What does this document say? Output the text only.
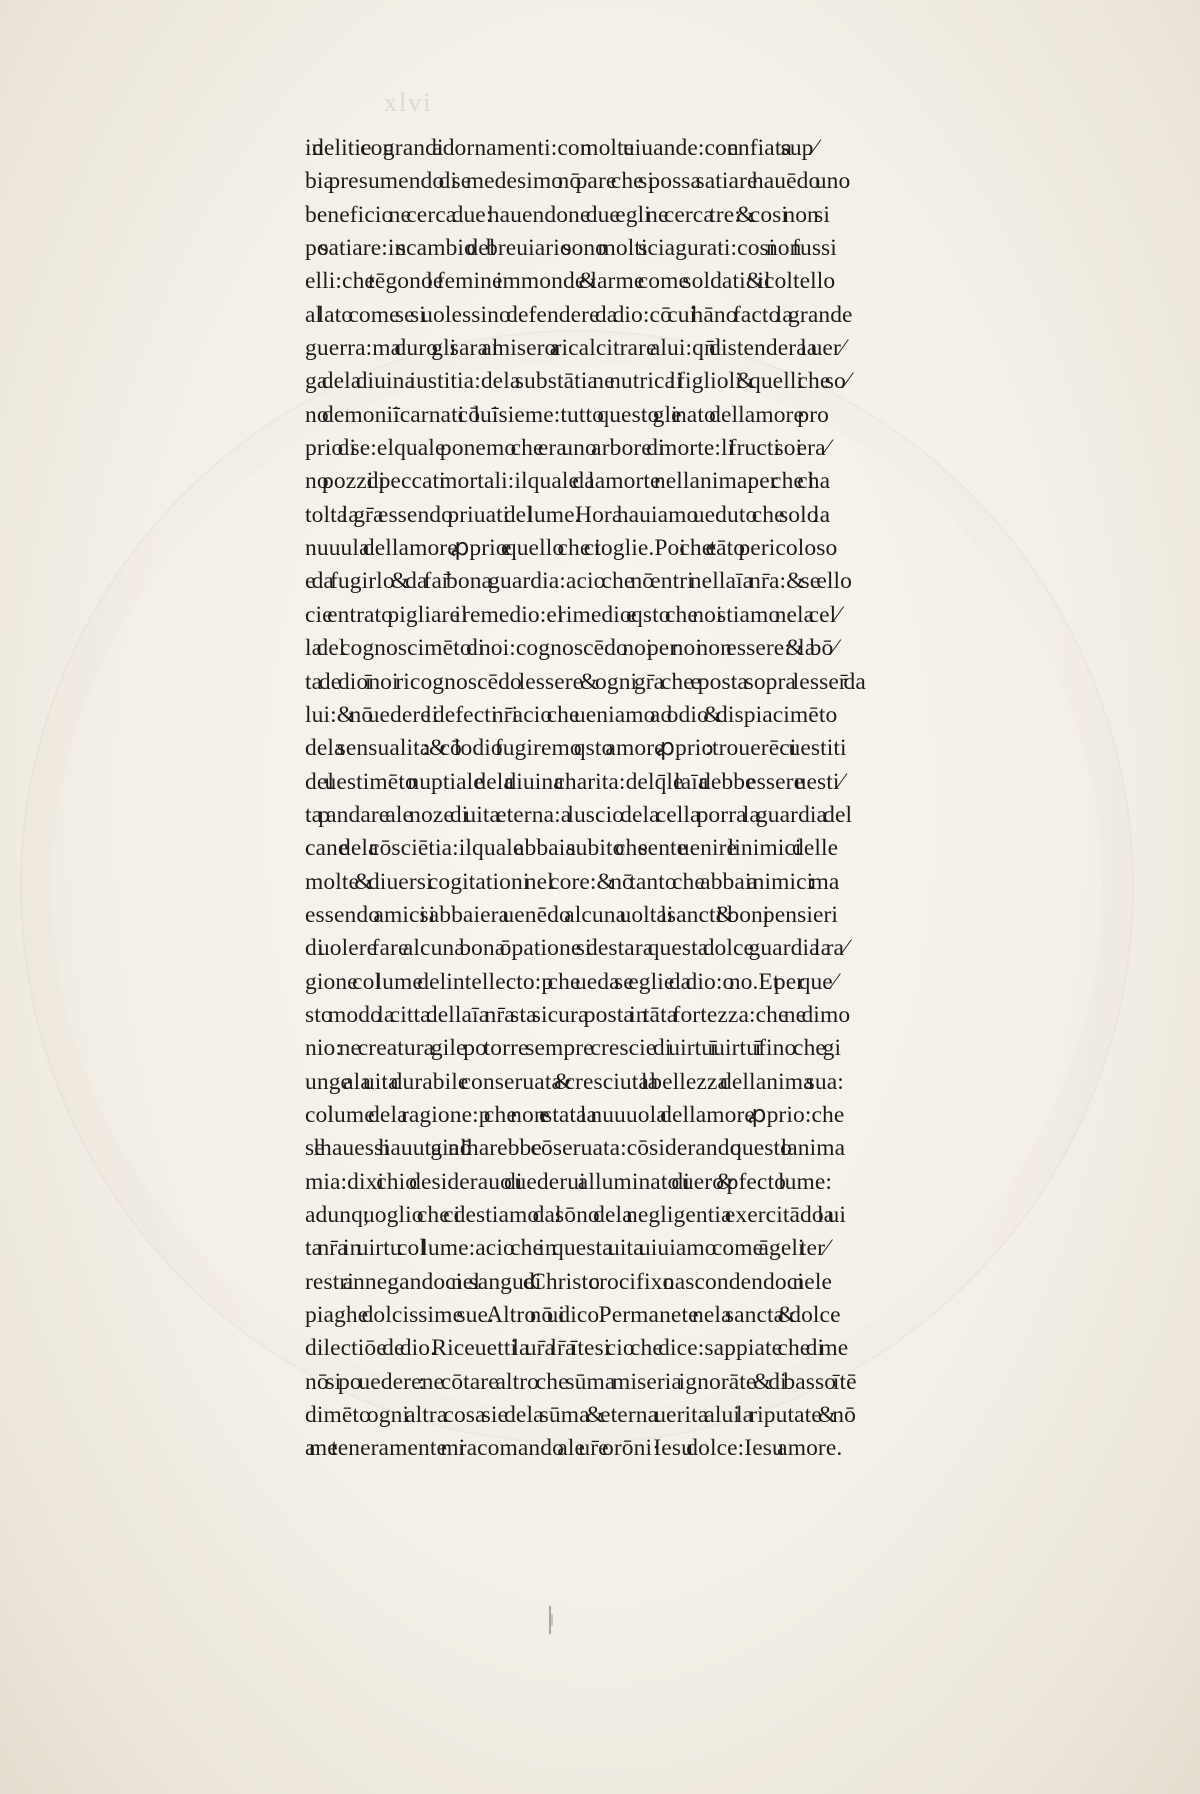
xlvi
in delitie con grandi adornamenti:con molte uiuande:con enfiata sup⁄
bia presumendo di se medesimo nō pare che si possa satiare hauēdo uno
beneficio ne cerca due: hauendone due egli ne cerca tre: & cosi non si
po satiare:in scambio del breuiario sono molti sciagurati:cosi non fussi
elli:che tēgono le femine immonde & larme come soldati: & il coltello
al lato come se si uolessino defendere da dio:cō cui hāno facto la grande
guerra:ma duro gli sara al misero a ricalcitrare alui:qn̄ distendera la uer⁄
ga dela diuina iustitia:dela substātia ne nutrica li figlioli & quelli che so⁄
no demonii īcarnati cō lui īsieme:tutto questo gli e nato dellamore pro
prio di se:elquale ponemo che era uno arbore di morte:li fructi soi era⁄
no pozzi di peccati mortali:ilquale da lamorte nellanima: per che ci ha
tolta la gr̄a essendo priuati del lume. Hora hauiamo ueduto che solo la
nuuula dellamore ꝓprio e quello che ci toglie.Poi che e tāto pericoloso
e da fugirlo & da far̄ bona guardia:acio che nō entri nellaīa nr̄a:& se ello
cie entrato pigliare il remedio:el rimedio e qsto che noi stiamo nela cel⁄
la del cognoscimēto di noi:cognoscēdo noi per noi non essere: & la bō⁄
ta de dio ī noi ricognoscēdo lessere & ogni gr̄a che e posta sopra lesser̄ da
lui:& nō uedere li defecti nr̄i acio che ueniamo ad odio & dispiacimēto
dela sensualita :& cō lodio fugiremo qsto amore ꝓprio :trouerēci uestiti
del uestimēto nuptiale dela diuina charita:delq̄le laīa debbe essere uesti⁄
ta p andare ale noze di uita eterna:a luscio dela cella porra la guardia del
cane dela cōsciētia:ilquale abbaia subito che sente uenire linimici delle
molte & diuersi cogitationi nel core:& nō tanto che abbai a nimici : ma
essendo amici si abbaiera uenēdo alcuna uolta li sancti & boni pensieri
di uolere fare alcuna bona ōpatione si destara questa dolce guardia la ra⁄
gione col lume delintellecto:p che ueda se eglie da dio:o no.Et per que⁄
sto modo la citta dellaīa nr̄a sta sicura posta in tāta fortezza:che ne dimo
nio: ne creatura gile po torre sempre crescie di uirtu ī uirtu ī fino che gi
unge ala uita durabile conseruata & cresciuta la bellezza dellanima sua:
col lume dela ragione:p che non e stata la nuuuola dellamore ꝓprio:che
se lhauessi hauuta gia nō lharebbe cōseruata:cōsiderando questo lanima
mia:dixi chio desiderauo di uederui alluminato di uero & pfecto lume:
adunq; uoglio che ci destiamo dal sōno dela negligentia exercitādo la ui
ta nr̄a in uirtu col lume:acio che in questa uita uiuiamo come āgeli ter⁄
restri annegandoci nel sangue di Christo crocifixo nascondendoci nele
piaghe dolcissime sue. Altro nō ui dico. Permanete nela sancta & dolce
dilectiōe de dio. Riceuetti la ur̄a lr̄a ītesi cio che dice:sappiate che di me
nō si po uedere : ne cōtare altro che sūma miseria ignorāte & di basso ītē
dimēto ogni altra cosa sie dela sūma & eterna uerita alui la riputate & nō
a me : teneramente mi racomando ale ur̄e orōni· Iesu dolce:Iesu amore.
